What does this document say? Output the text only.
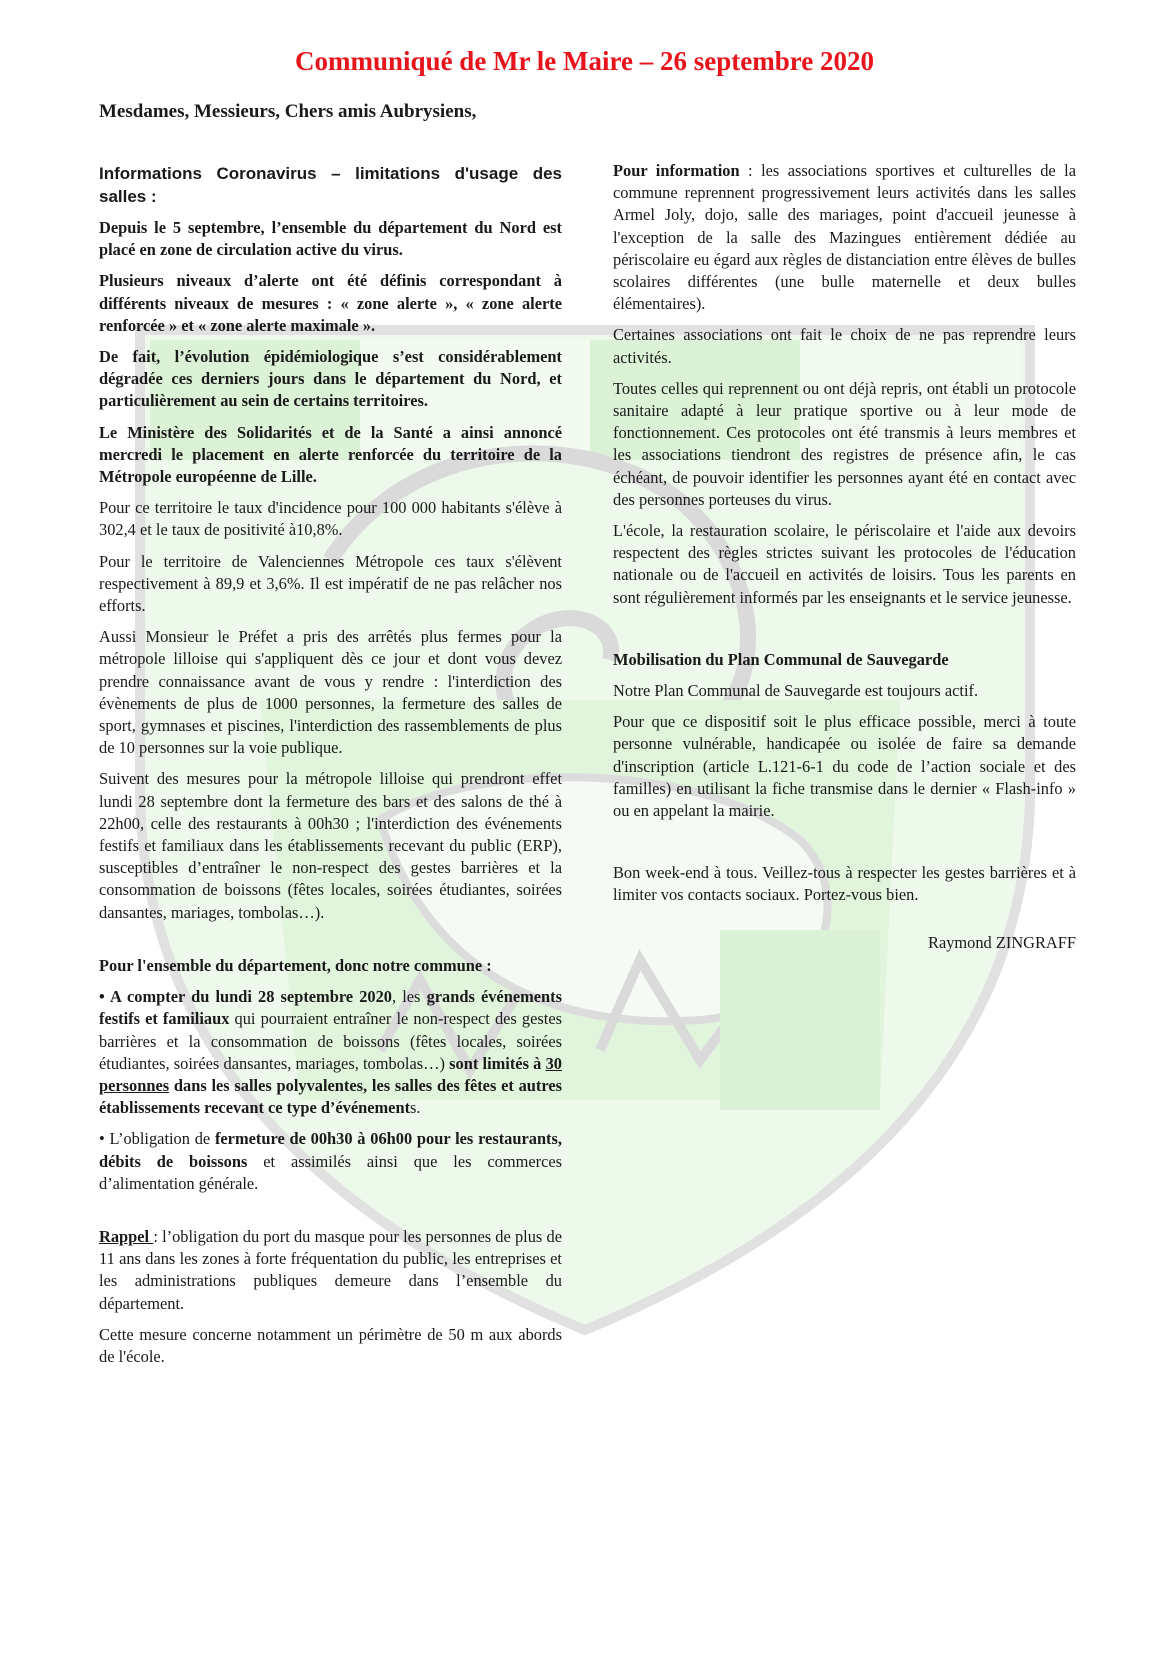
Communiqué de Mr le Maire – 26 septembre 2020

Mesdames, Messieurs, Chers amis Aubrysiens,

Informations Coronavirus – limitations d'usage des salles :

Depuis le 5 septembre, l’ensemble du département du Nord est placé en zone de circulation active du virus.

Plusieurs niveaux d’alerte ont été définis correspondant à différents niveaux de mesures : « zone alerte », « zone alerte renforcée » et « zone alerte maximale ».

De fait, l’évolution épidémiologique s’est considérablement dégradée ces derniers jours dans le département du Nord, et particulièrement au sein de certains territoires.

Le Ministère des Solidarités et de la Santé a ainsi annoncé mercredi le placement en alerte renforcée du territoire de la Métropole européenne de Lille.

Pour ce territoire le taux d'incidence pour 100 000 habitants s'élève à 302,4 et le taux de positivité à10,8%.

Pour le territoire de Valenciennes Métropole ces taux s'élèvent respectivement à 89,9 et 3,6%. Il est impératif de ne pas relâcher nos efforts.

Aussi Monsieur le Préfet a pris des arrêtés plus fermes pour la métropole lilloise qui s'appliquent dès ce jour et dont vous devez prendre connaissance avant de vous y rendre : l'interdiction des évènements de plus de 1000 personnes, la fermeture des salles de sport, gymnases et piscines, l'interdiction des rassemblements de plus de 10 personnes sur la voie publique.

Suivent des mesures pour la métropole lilloise qui prendront effet lundi 28 septembre dont la fermeture des bars et des salons de thé à 22h00, celle des restaurants à 00h30 ; l'interdiction des événements festifs et familiaux dans les établissements recevant du public (ERP), susceptibles d’entraîner le non-respect des gestes barrières et la consommation de boissons (fêtes locales, soirées étudiantes, soirées dansantes, mariages, tombolas…).

Pour l'ensemble du département, donc notre commune :

• A compter du lundi 28 septembre 2020, les grands événements festifs et familiaux qui pourraient entraîner le non-respect des gestes barrières et la consommation de boissons (fêtes locales, soirées étudiantes, soirées dansantes, mariages, tombolas…) sont limités à 30 personnes dans les salles polyvalentes, les salles des fêtes et autres établissements recevant ce type d’événements.

• L’obligation de fermeture de 00h30 à 06h00 pour les restaurants, débits de boissons et assimilés ainsi que les commerces d’alimentation générale.

Rappel : l’obligation du port du masque pour les personnes de plus de 11 ans dans les zones à forte fréquentation du public, les entreprises et les administrations publiques demeure dans l’ensemble du département.

Cette mesure concerne notamment un périmètre de 50 m aux abords de l'école.

Pour information : les associations sportives et culturelles de la commune reprennent progressivement leurs activités dans les salles Armel Joly, dojo, salle des mariages, point d'accueil jeunesse à l'exception de la salle des Mazingues entièrement dédiée au périscolaire eu égard aux règles de distanciation entre élèves de bulles scolaires différentes (une bulle maternelle et deux bulles élémentaires).

Certaines associations ont fait le choix de ne pas reprendre leurs activités.

Toutes celles qui reprennent ou ont déjà repris, ont établi un protocole sanitaire adapté à leur pratique sportive ou à leur mode de fonctionnement. Ces protocoles ont été transmis à leurs membres et les associations tiendront des registres de présence afin, le cas échéant, de pouvoir identifier les personnes ayant été en contact avec des personnes porteuses du virus.

L'école, la restauration scolaire, le périscolaire et l'aide aux devoirs respectent des règles strictes suivant les protocoles de l'éducation nationale ou de l'accueil en activités de loisirs. Tous les parents en sont régulièrement informés par les enseignants et le service jeunesse.

Mobilisation du Plan Communal de Sauvegarde

Notre Plan Communal de Sauvegarde est toujours actif.

Pour que ce dispositif soit le plus efficace possible, merci à toute personne vulnérable, handicapée ou isolée de faire sa demande d'inscription (article L.121-6-1 du code de l’action sociale et des familles) en utilisant la fiche transmise dans le dernier « Flash-info » ou en appelant la mairie.

Bon week-end à tous. Veillez-tous à respecter les gestes barrières et à limiter vos contacts sociaux. Portez-vous bien.

Raymond ZINGRAFF
